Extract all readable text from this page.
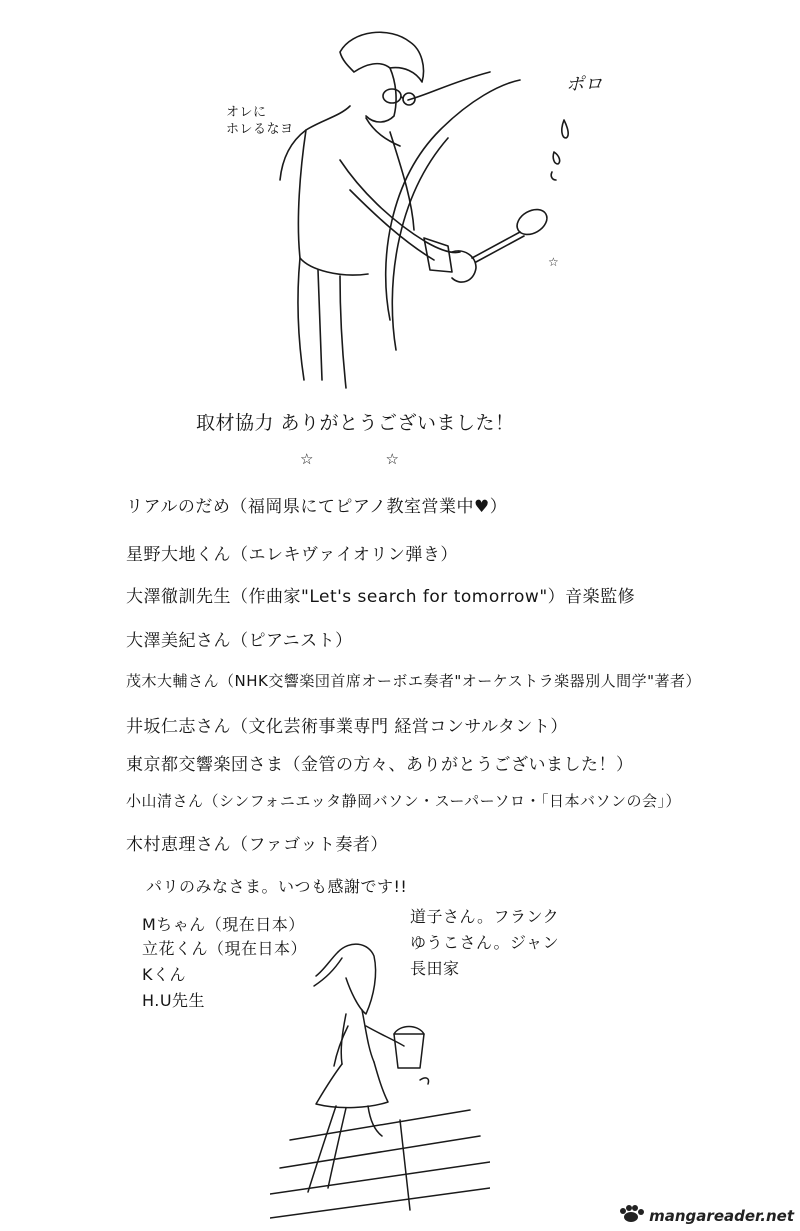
☆
オレに
ホレるなヨ
ポロ
取材協力 ありがとうございました！
☆	☆
リアルのだめ（福岡県にてピアノ教室営業中♥）
星野大地くん（エレキヴァイオリン弾き）
大澤徹訓先生（作曲家"Let's search for tomorrow"）音楽監修
大澤美紀さん（ピアニスト）
茂木大輔さん（NHK交響楽団首席オーボエ奏者"オーケストラ楽器別人間学"著者）
井坂仁志さん（文化芸術事業専門 経営コンサルタント）
東京都交響楽団さま（金管の方々、ありがとうございました！）
小山清さん（シンフォニエッタ静岡バソン・スーパーソロ・「日本バソンの会」）
木村恵理さん（ファゴット奏者）
パリのみなさま。いつも感謝です!!
Mちゃん（現在日本）
立花くん（現在日本）
Kくん
H.U先生
道子さん。フランク
ゆうこさん。ジャン
長田家
mangareader.net
